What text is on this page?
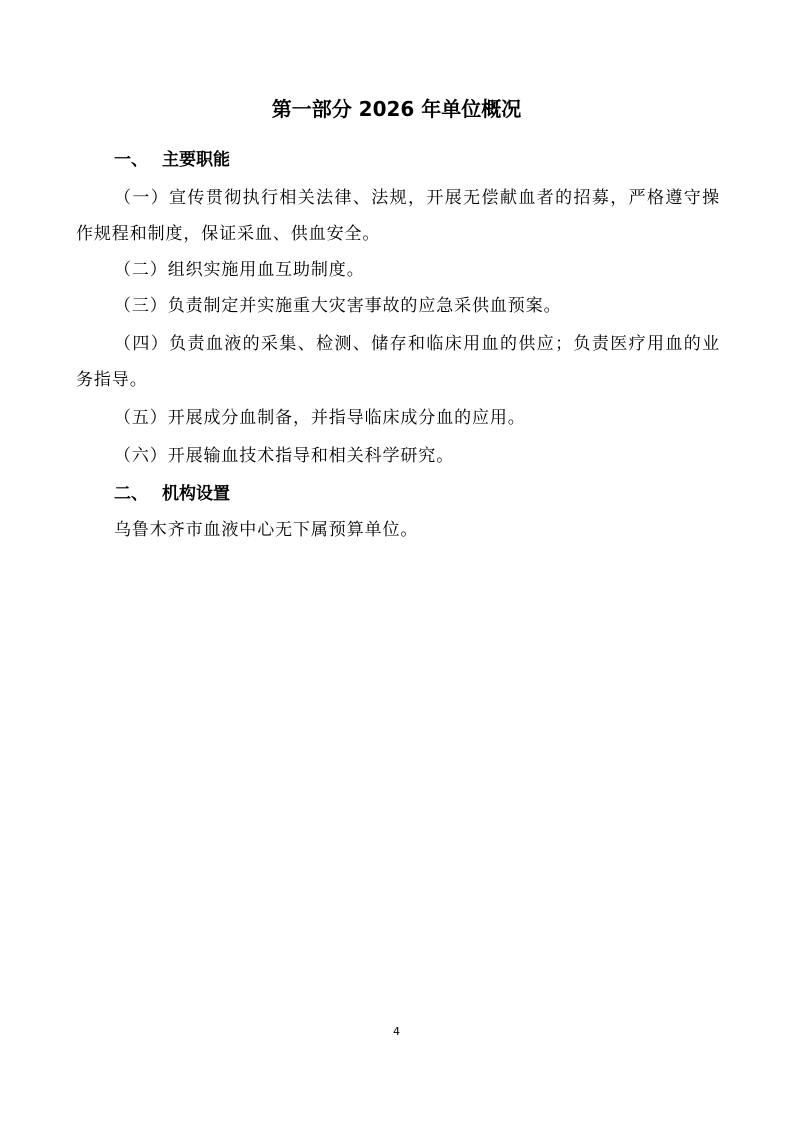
第一部分 2026 年单位概况
一、 主要职能
（一）宣传贯彻执行相关法律、法规，开展无偿献血者的招募，严格遵守操作规程和制度，保证采血、供血安全。
（二）组织实施用血互助制度。
（三）负责制定并实施重大灾害事故的应急采供血预案。
（四）负责血液的采集、检测、储存和临床用血的供应；负责医疗用血的业务指导。
（五）开展成分血制备，并指导临床成分血的应用。
（六）开展输血技术指导和相关科学研究。
二、 机构设置
乌鲁木齐市血液中心无下属预算单位。
4
